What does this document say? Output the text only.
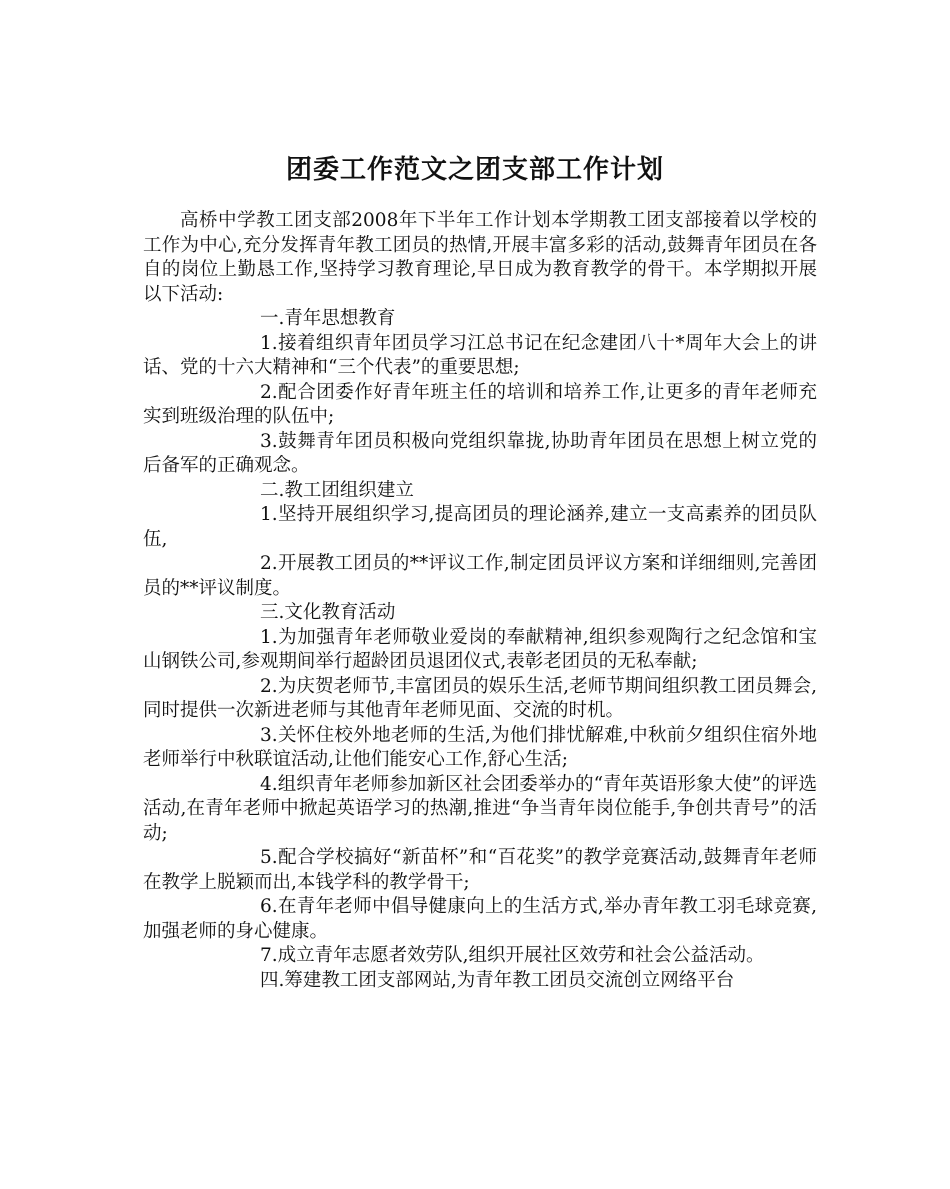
团委工作范文之团支部工作计划

高桥中学教工团支部2008年下半年工作计划本学期教工团支部接着以学校的工作为中心,充分发挥青年教工团员的热情,开展丰富多彩的活动,鼓舞青年团员在各自的岗位上勤恳工作,坚持学习教育理论,早日成为教育教学的骨干。本学期拟开展以下活动:

一.青年思想教育

1.接着组织青年团员学习江总书记在纪念建团八十*周年大会上的讲话、党的十六大精神和“三个代表”的重要思想;

2.配合团委作好青年班主任的培训和培养工作,让更多的青年老师充实到班级治理的队伍中;

3.鼓舞青年团员积极向党组织靠拢,协助青年团员在思想上树立党的后备军的正确观念。

二.教工团组织建立

1.坚持开展组织学习,提高团员的理论涵养,建立一支高素养的团员队伍,

2.开展教工团员的**评议工作,制定团员评议方案和详细细则,完善团员的**评议制度。

三.文化教育活动

1.为加强青年老师敬业爱岗的奉献精神,组织参观陶行之纪念馆和宝山钢铁公司,参观期间举行超龄团员退团仪式,表彰老团员的无私奉献;

2.为庆贺老师节,丰富团员的娱乐生活,老师节期间组织教工团员舞会,同时提供一次新进老师与其他青年老师见面、交流的时机。

3.关怀住校外地老师的生活,为他们排忧解难,中秋前夕组织住宿外地老师举行中秋联谊活动,让他们能安心工作,舒心生活;

4.组织青年老师参加新区社会团委举办的“青年英语形象大使”的评选活动,在青年老师中掀起英语学习的热潮,推进“争当青年岗位能手,争创共青号”的活动;

5.配合学校搞好“新苗杯”和“百花奖”的教学竞赛活动,鼓舞青年老师在教学上脱颖而出,本钱学科的教学骨干;

6.在青年老师中倡导健康向上的生活方式,举办青年教工羽毛球竞赛,加强老师的身心健康。

7.成立青年志愿者效劳队,组织开展社区效劳和社会公益活动。

四.筹建教工团支部网站,为青年教工团员交流创立网络平台
